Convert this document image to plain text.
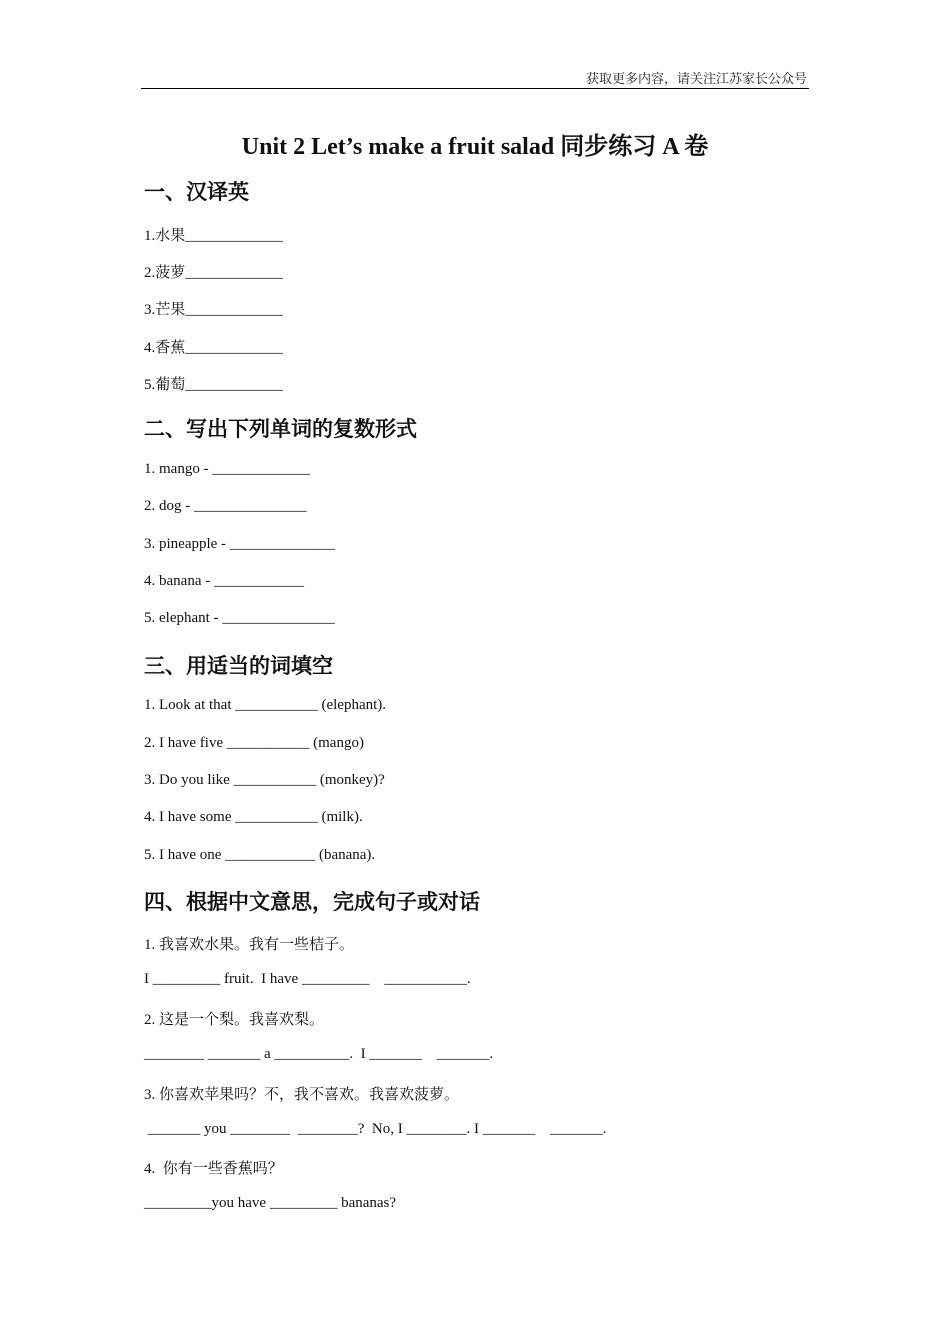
获取更多内容，请关注江苏家长公众号
Unit 2 Let’s make a fruit salad 同步练习 A 卷
一、汉译英
1.水果_____________
2.菠萝_____________
3.芒果_____________
4.香蕉_____________
5.葡萄_____________
二、写出下列单词的复数形式
1. mango - _____________
2. dog - _______________
3. pineapple - ______________
4. banana - ____________
5. elephant - _______________
三、用适当的词填空
1. Look at that ___________ (elephant).
2. I have five ___________ (mango)
3. Do you like ___________ (monkey)?
4. I have some ___________ (milk).
5. I have one ____________ (banana).
四、根据中文意思，完成句子或对话
1. 我喜欢水果。我有一些桔子。
I _________ fruit.  I have _________    ___________.
2. 这是一个梨。我喜欢梨。
________ _______ a __________.  I _______    _______.
3. 你喜欢苹果吗？不，我不喜欢。我喜欢菠萝。
_______ you ________  ________?  No, I ________. I _______    _______.
4.  你有一些香蕉吗？
_________you have _________ bananas?
